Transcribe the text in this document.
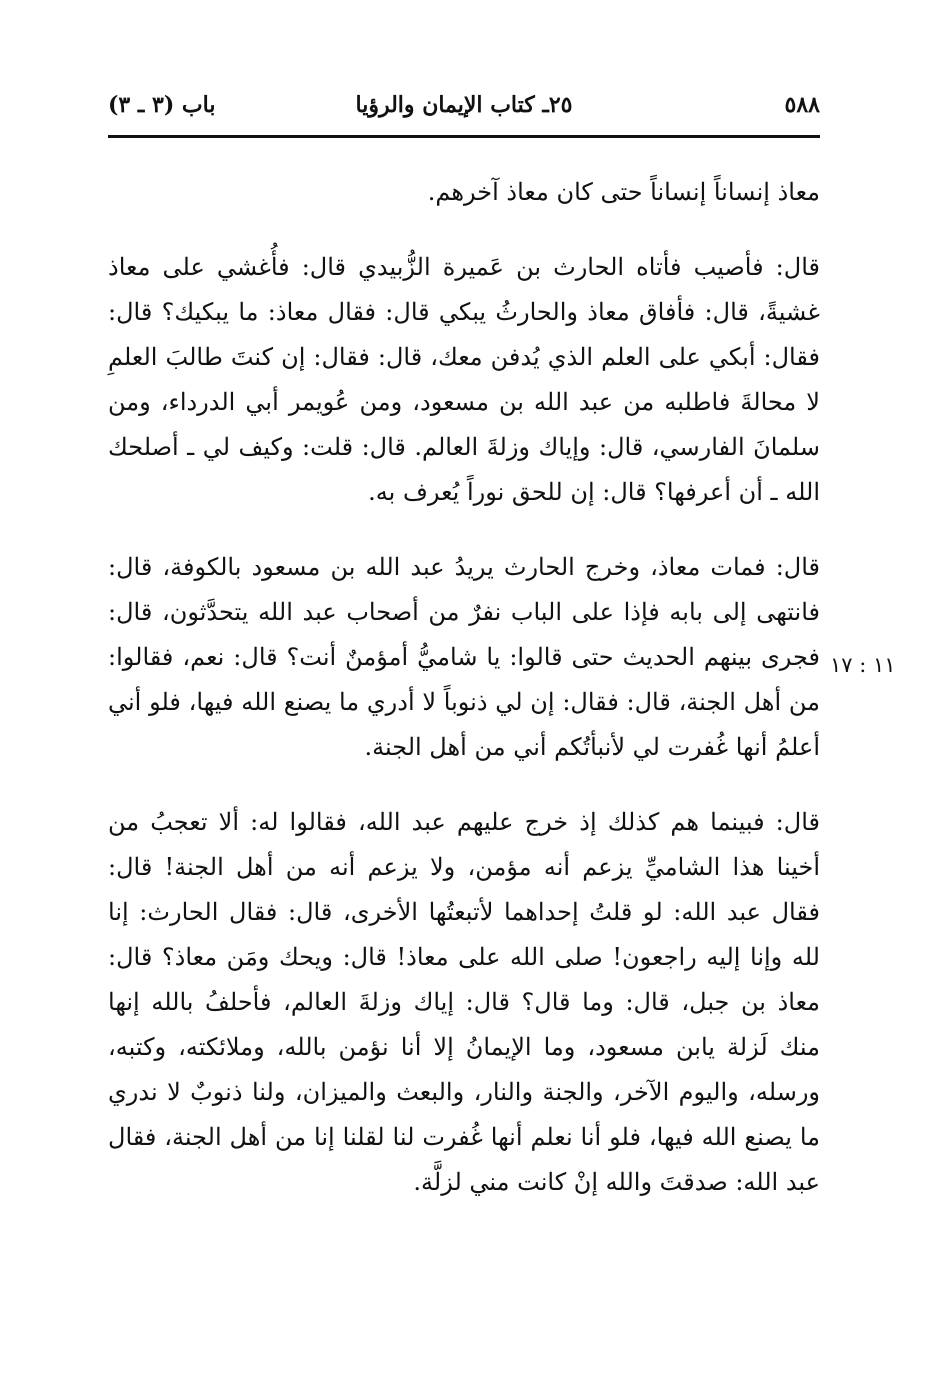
٥٨٨
٢٥ـ كتاب الإيمان والرؤيا
باب (٣ ـ ٣)

معاذ إنساناً إنساناً حتى كان معاذ آخرهم.

قال: فأصيب فأتاه الحارث بن عَميرة الزُّبيدي قال: فأُغشي على معاذ غشيةً، قال: فأفاق معاذ والحارثُ يبكي قال: فقال معاذ: ما يبكيك؟ قال: فقال: أبكي على العلم الذي يُدفن معك، قال: فقال: إن كنتَ طالبَ العلمِ لا محالةَ فاطلبه من عبد الله بن مسعود، ومن عُويمر أبي الدرداء، ومن سلمانَ الفارسي، قال: وإياك وزلةَ العالم. قال: قلت: وكيف لي ـ أصلحك الله ـ أن أعرفها؟ قال: إن للحق نوراً يُعرف به.

قال: فمات معاذ، وخرج الحارث يريدُ عبد الله بن مسعود بالكوفة، قال: فانتهى إلى بابه فإذا على الباب نفرٌ من أصحاب عبد الله يتحدَّثون، قال: فجرى بينهم الحديث حتى قالوا: يا شاميُّ أمؤمنٌ أنت؟ قال: نعم، فقالوا: من أهل الجنة، قال: فقال: إن لي ذنوباً لا أدري ما يصنع الله فيها، فلو أني أعلمُ أنها غُفرت لي لأنبأتُكم أني من أهل الجنة.

قال: فبينما هم كذلك إذ خرج عليهم عبد الله، فقالوا له: ألا تعجبُ من أخينا هذا الشاميِّ يزعم أنه مؤمن، ولا يزعم أنه من أهل الجنة! قال: فقال عبد الله: لو قلتُ إحداهما لأتبعتُها الأخرى، قال: فقال الحارث: إنا لله وإنا إليه راجعون! صلى الله على معاذ! قال: ويحك ومَن معاذ؟ قال: معاذ بن جبل، قال: وما قال؟ قال: إياك وزلةَ العالم، فأحلفُ بالله إنها منك لَزلة يابن مسعود، وما الإيمانُ إلا أنا نؤمن بالله، وملائكته، وكتبه، ورسله، واليوم الآخر، والجنة والنار، والبعث والميزان، ولنا ذنوبٌ لا ندري ما يصنع الله فيها، فلو أنا نعلم أنها غُفرت لنا لقلنا إنا من أهل الجنة، فقال عبد الله: صدقتَ والله إنْ كانت مني لزلَّة.

١١ : ١٧
